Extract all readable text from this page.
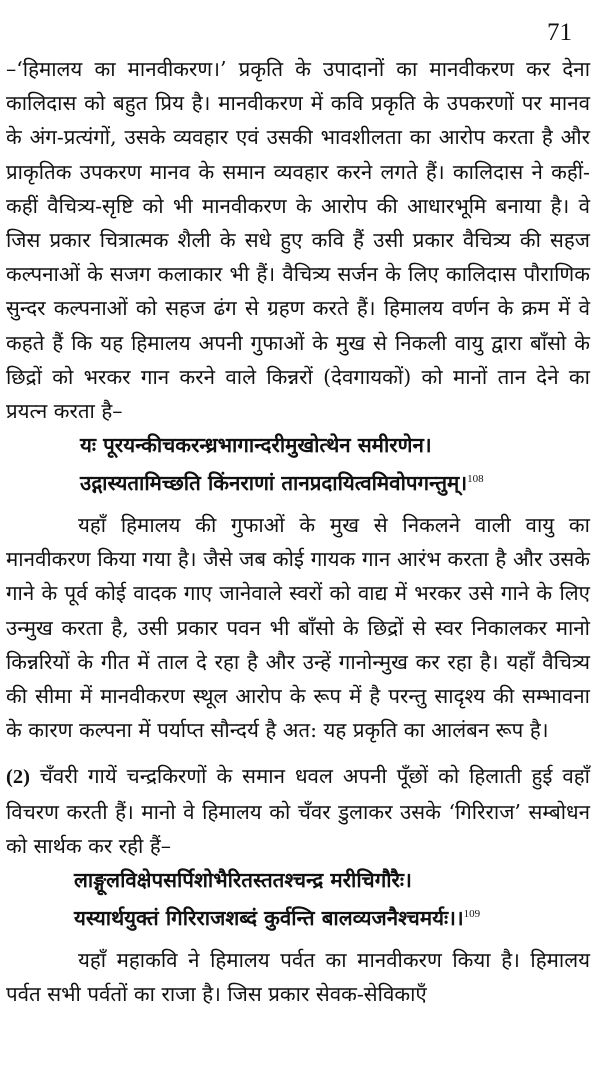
71

–‘हिमालय का मानवीकरण।’ प्रकृति के उपादानों का मानवीकरण कर देना कालिदास को बहुत प्रिय है। मानवीकरण में कवि प्रकृति के उपकरणों पर मानव के अंग-प्रत्यंगों, उसके व्यवहार एवं उसकी भावशीलता का आरोप करता है और प्राकृतिक उपकरण मानव के समान व्यवहार करने लगते हैं। कालिदास ने कहीं-कहीं वैचित्र्य-सृष्टि को भी मानवीकरण के आरोप की आधारभूमि बनाया है। वे जिस प्रकार चित्रात्मक शैली के सधे हुए कवि हैं उसी प्रकार वैचित्र्य की सहज कल्पनाओं के सजग कलाकार भी हैं। वैचित्र्य सर्जन के लिए कालिदास पौराणिक सुन्दर कल्पनाओं को सहज ढंग से ग्रहण करते हैं। हिमालय वर्णन के क्रम में वे कहते हैं कि यह हिमालय अपनी गुफाओं के मुख से निकली वायु द्वारा बाँसो के छिद्रों को भरकर गान करने वाले किन्नरों (देवगायकों) को मानों तान देने का प्रयत्न करता है–

यः पूरयन्कीचकरन्ध्रभागान्दरीमुखोत्थेन समीरणेन।
उद्गास्यतामिच्छति किंनराणां तानप्रदायित्वमिवोपगन्तुम्।$^{108}$

यहाँ हिमालय की गुफाओं के मुख से निकलने वाली वायु का मानवीकरण किया गया है। जैसे जब कोई गायक गान आरंभ करता है और उसके गाने के पूर्व कोई वादक गाए जानेवाले स्वरों को वाद्य में भरकर उसे गाने के लिए उन्मुख करता है, उसी प्रकार पवन भी बाँसो के छिद्रों से स्वर निकालकर मानो किन्नरियों के गीत में ताल दे रहा है और उन्हें गानोन्मुख कर रहा है। यहाँ वैचित्र्य की सीमा में मानवीकरण स्थूल आरोप के रूप में है परन्तु सादृश्य की सम्भावना के कारण कल्पना में पर्याप्त सौन्दर्य है अत: यह प्रकृति का आलंबन रूप है।

(2) चँवरी गायें चन्द्रकिरणों के समान धवल अपनी पूँछों को हिलाती हुई वहाँ विचरण करती हैं। मानो वे हिमालय को चँवर डुलाकर उसके ‘गिरिराज’ सम्बोधन को सार्थक कर रही हैं–

लाङ्गूलविक्षेपसर्पिशोभैरितस्ततश्चन्द्र मरीचिगौरैः।
यस्यार्थयुक्तं गिरिराजशब्दं कुर्वन्ति बालव्यजनैश्चमर्यः।।$^{109}$

यहाँ महाकवि ने हिमालय पर्वत का मानवीकरण किया है। हिमालय पर्वत सभी पर्वतों का राजा है। जिस प्रकार सेवक-सेविकाएँ
